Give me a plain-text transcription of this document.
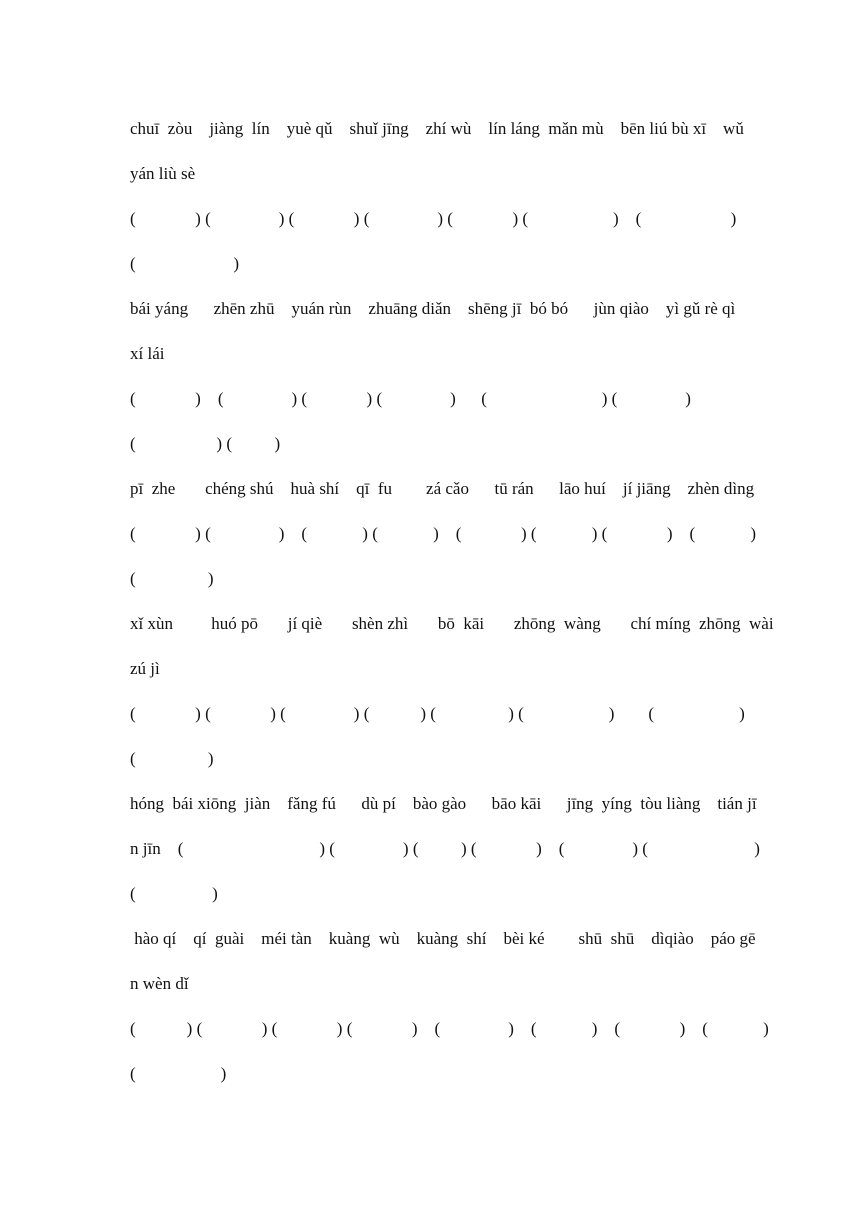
chuī  zòu    jiàng  lín    yuè qǔ    shuǐ jīng    zhí wù    lín láng  mǎn mù    bēn liú bù xī    wǔ
yán liù sè
(              ) (                ) (              ) (                ) (              ) (                    )    (                     )
(                       )
bái yáng      zhēn zhū    yuán rùn    zhuāng diǎn    shēng jī  bó bó      jùn qiào    yì gǔ rè qì
xí lái
(              )    (                ) (              ) (                )      (                           ) (                )
(                   ) (          )
pī  zhe       chéng shú    huà shí    qī  fu        zá cǎo      tū rán      lāo huí    jí jiāng    zhèn dìng
(              ) (                )    (             ) (             )    (              ) (             ) (              )    (             )
(                 )
xǐ xùn         huó pō       jí qiè       shèn zhì       bō  kāi       zhōng  wàng       chí míng  zhōng  wài
zú jì
(              ) (              ) (                ) (            ) (                 ) (                    )        (                    )
(                 )
hóng  bái xiōng  jiàn    fǎng fú      dù pí    bào gào      bāo kāi      jīng  yíng  tòu liàng    tián jī
n jīn    (                                ) (                ) (          ) (              )    (                ) (                         )
(                  )
hào qí    qí  guài    méi tàn    kuàng  wù    kuàng  shí    bèi ké        shū  shū    dìqiào    páo gē
n wèn dǐ
(            ) (              ) (              ) (              )    (                )    (             )    (              )    (             )
(                    )
